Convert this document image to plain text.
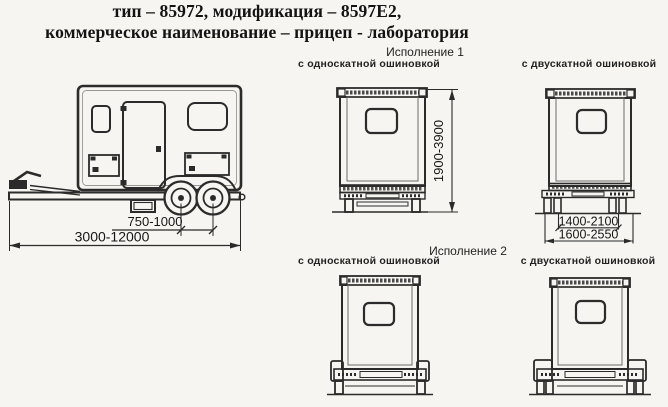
тип – 85972, модификация – 8597Е2,
коммерческое наименование – прицеп - лаборатория
Исполнение 1
с односкатной ошиновкой	с двускатной ошиновкой
Исполнение 2
с односкатной ошиновкой	с двускатной ошиновкой
750-1000
3000-12000
1900-3900
1400-2100
1600-2550
